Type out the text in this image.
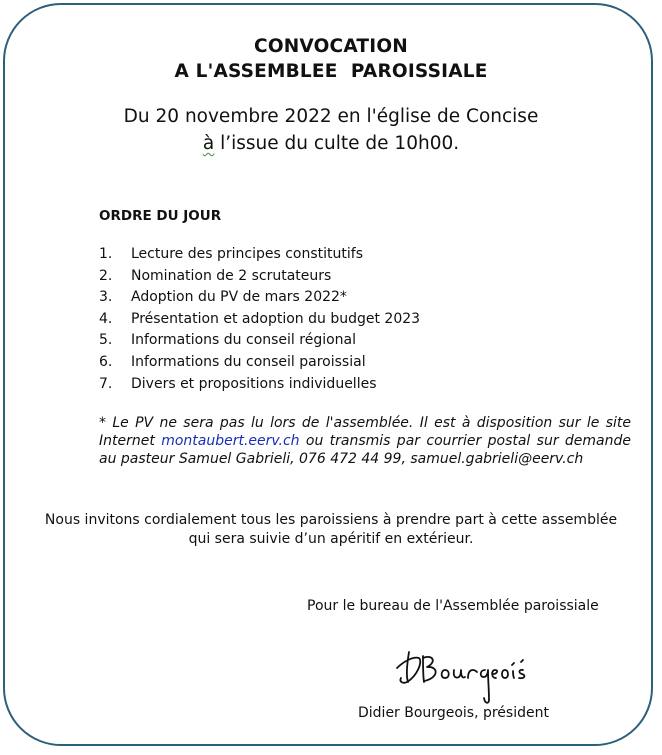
CONVOCATION
A L'ASSEMBLEE  PAROISSIALE
Du 20 novembre 2022 en l'église de Concise
à l’issue du culte de 10h00.
ORDRE DU JOUR
1. Lecture des principes constitutifs
2. Nomination de 2 scrutateurs
3. Adoption du PV de mars 2022*
4. Présentation et adoption du budget 2023
5. Informations du conseil régional
6. Informations du conseil paroissial
7. Divers et propositions individuelles
* Le PV ne sera pas lu lors de l'assemblée. Il est à disposition sur le site Internet montaubert.eerv.ch ou transmis par courrier postal sur demande au pasteur Samuel Gabrieli, 076 472 44 99, samuel.gabrieli@eerv.ch
Nous invitons cordialement tous les paroissiens à prendre part à cette assemblée
qui sera suivie d’un apéritif en extérieur.
Pour le bureau de l'Assemblée paroissiale
Didier Bourgeois, président
